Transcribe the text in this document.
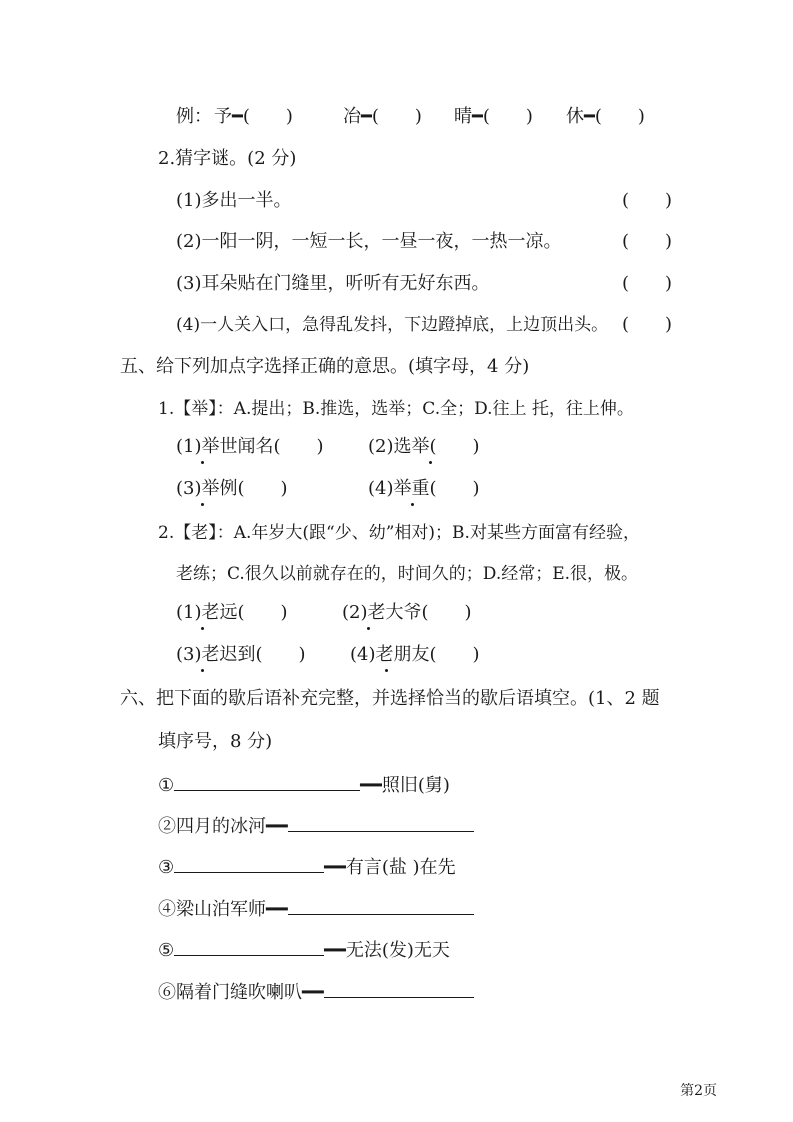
例： 予━(　　)	冶━(　　) 晴━(　　) 休━(　　)
2.猜字谜。(2 分)
(1)多出一半。	(　　)
(2)一阳一阴，一短一长，一昼一夜，一热一凉。	(　　)
(3)耳朵贴在门缝里，听听有无好东西。	(　　)
(4)一人关入口，急得乱发抖，下边蹬掉底，上边顶出头。 (　　)
五、给下列加点字选择正确的意思。(填字母，4 分)
1.【举】：A.提出；B.推选，选举；C.全；D.往上 托，往上伸。
(1)举世闻名(　　) (2)选举(　　)
(3)举例(　　)	(4)举重(　　)
2.【老】：A.年岁大(跟“少、幼”相对)；B.对某些方面富有经验，
老练；C.很久以前就存在的，时间久的；D.经常；E.很，极。
(1)老远(　　)	(2)老大爷(　　)
(3)老迟到(　　) (4)老朋友(　　)
六、把下面的歇后语补充完整，并选择恰当的歇后语填空。(1、2 题
填序号，8 分)
①	━━照旧(舅)
②四月的冰河━━
③	━━有言(盐 )在先
④梁山泊军师━━
⑤	━━无法(发)无天
⑥隔着门缝吹喇叭━━
第2页
